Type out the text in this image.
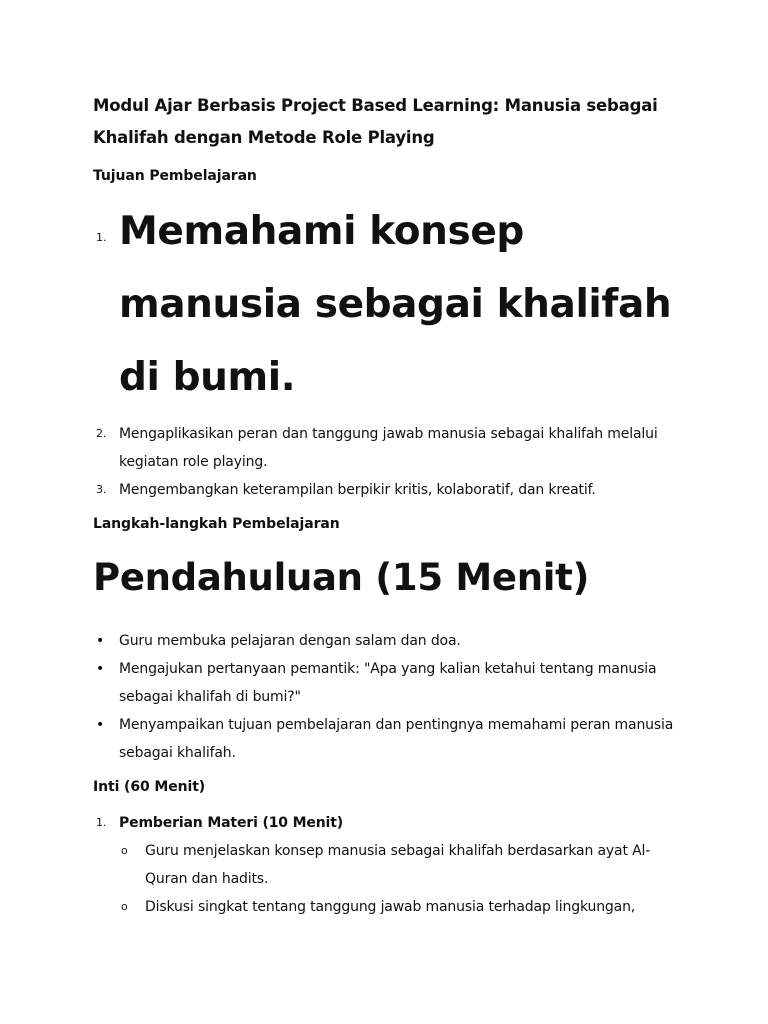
Modul Ajar Berbasis Project Based Learning: Manusia sebagai Khalifah dengan Metode Role Playing
Tujuan Pembelajaran
1. Memahami konsep manusia sebagai khalifah di bumi.
2. Mengaplikasikan peran dan tanggung jawab manusia sebagai khalifah melalui kegiatan role playing.
3. Mengembangkan keterampilan berpikir kritis, kolaboratif, dan kreatif.
Langkah-langkah Pembelajaran
Pendahuluan (15 Menit)
• Guru membuka pelajaran dengan salam dan doa.
• Mengajukan pertanyaan pemantik: "Apa yang kalian ketahui tentang manusia sebagai khalifah di bumi?"
• Menyampaikan tujuan pembelajaran dan pentingnya memahami peran manusia sebagai khalifah.
Inti (60 Menit)
1. Pemberian Materi (10 Menit)
o Guru menjelaskan konsep manusia sebagai khalifah berdasarkan ayat Al-Quran dan hadits.
o Diskusi singkat tentang tanggung jawab manusia terhadap lingkungan,
